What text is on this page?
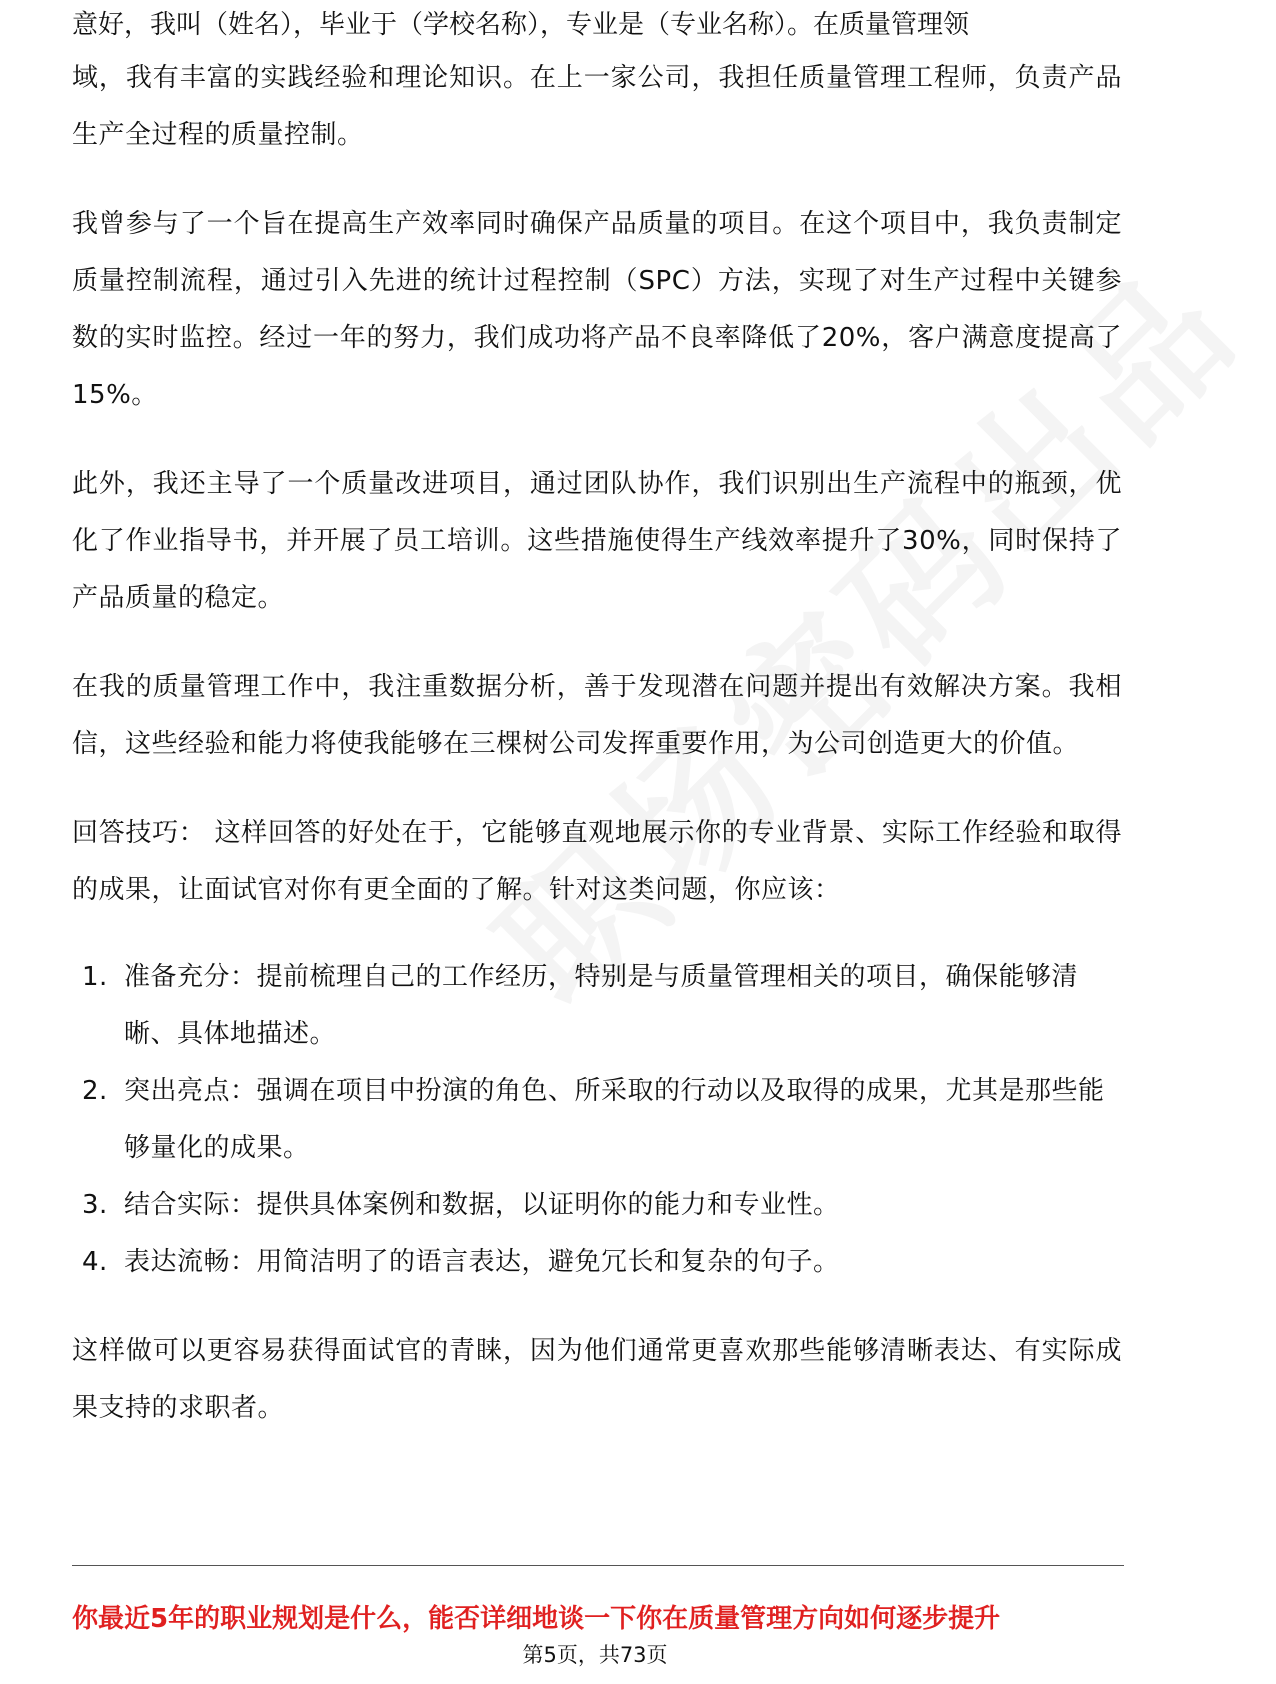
意好，我叫（姓名），毕业于（学校名称），专业是（专业名称）。在质量管理领

域，我有丰富的实践经验和理论知识。在上一家公司，我担任质量管理工程师，负责产品生产全过程的质量控制。

我曾参与了一个旨在提高生产效率同时确保产品质量的项目。在这个项目中，我负责制定质量控制流程，通过引入先进的统计过程控制（SPC）方法，实现了对生产过程中关键参数的实时监控。经过一年的努力，我们成功将产品不良率降低了20%，客户满意度提高了15%。

此外，我还主导了一个质量改进项目，通过团队协作，我们识别出生产流程中的瓶颈，优化了作业指导书，并开展了员工培训。这些措施使得生产线效率提升了30%，同时保持了产品质量的稳定。

在我的质量管理工作中，我注重数据分析，善于发现潜在问题并提出有效解决方案。我相信，这些经验和能力将使我能够在三棵树公司发挥重要作用，为公司创造更大的价值。

回答技巧： 这样回答的好处在于，它能够直观地展示你的专业背景、实际工作经验和取得的成果，让面试官对你有更全面的了解。针对这类问题，你应该：

1. 准备充分：提前梳理自己的工作经历，特别是与质量管理相关的项目，确保能够清晰、具体地描述。
2. 突出亮点：强调在项目中扮演的角色、所采取的行动以及取得的成果，尤其是那些能够量化的成果。
3. 结合实际：提供具体案例和数据，以证明你的能力和专业性。
4. 表达流畅：用简洁明了的语言表达，避免冗长和复杂的句子。

这样做可以更容易获得面试官的青睐，因为他们通常更喜欢那些能够清晰表达、有实际成果支持的求职者。

你最近5年的职业规划是什么，能否详细地谈一下你在质量管理方向如何逐步提升
第5页，共73页
